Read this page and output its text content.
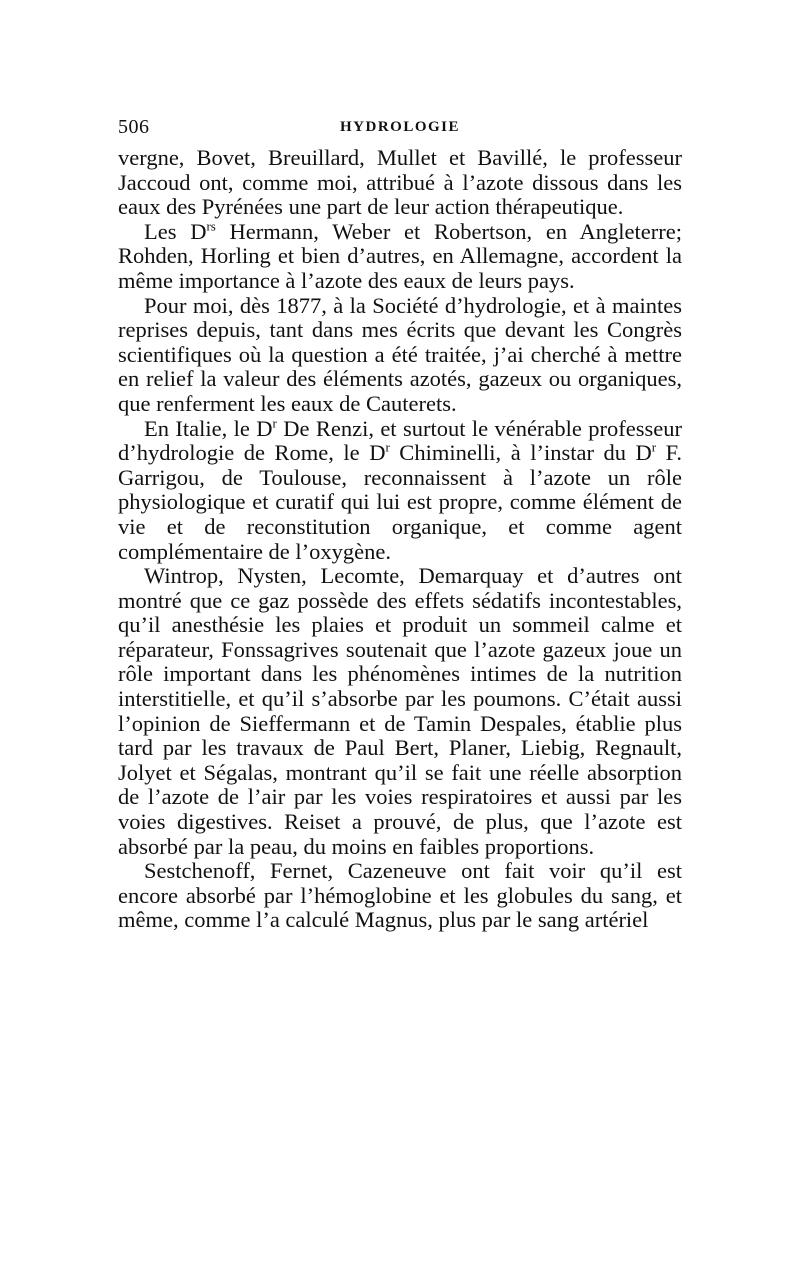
506	HYDROLOGIE

vergne, Bovet, Breuillard, Mullet et Bavillé, le professeur Jaccoud ont, comme moi, attribué à l’azote dissous dans les eaux des Pyrénées une part de leur action thérapeutique.

Les $D^{rs}$ Hermann, Weber et Robertson, en Angleterre; Rohden, Horling et bien d’autres, en Allemagne, accordent la même importance à l’azote des eaux de leurs pays.

Pour moi, dès 1877, à la Société d’hydrologie, et à maintes reprises depuis, tant dans mes écrits que devant les Congrès scientifiques où la question a été traitée, j’ai cherché à mettre en relief la valeur des éléments azotés, gazeux ou organiques, que renferment les eaux de Cauterets.

En Italie, le $D^r$ De Renzi, et surtout le vénérable professeur d’hydrologie de Rome, le $D^r$ Chiminelli, à l’instar du $D^r$ F. Garrigou, de Toulouse, reconnaissent à l’azote un rôle physiologique et curatif qui lui est propre, comme élément de vie et de reconstitution organique, et comme agent complémentaire de l’oxygène.

Wintrop, Nysten, Lecomte, Demarquay et d’autres ont montré que ce gaz possède des effets sédatifs incontestables, qu’il anesthésie les plaies et produit un sommeil calme et réparateur, Fonssagrives soutenait que l’azote gazeux joue un rôle important dans les phénomènes intimes de la nutrition interstitielle, et qu’il s’absorbe par les poumons. C’était aussi l’opinion de Sieffermann et de Tamin Despales, établie plus tard par les travaux de Paul Bert, Planer, Liebig, Regnault, Jolyet et Ségalas, montrant qu’il se fait une réelle absorption de l’azote de l’air par les voies respiratoires et aussi par les voies digestives. Reiset a prouvé, de plus, que l’azote est absorbé par la peau, du moins en faibles proportions.

Sestchenoff, Fernet, Cazeneuve ont fait voir qu’il est encore absorbé par l’hémoglobine et les globules du sang, et même, comme l’a calculé Magnus, plus par le sang artériel
